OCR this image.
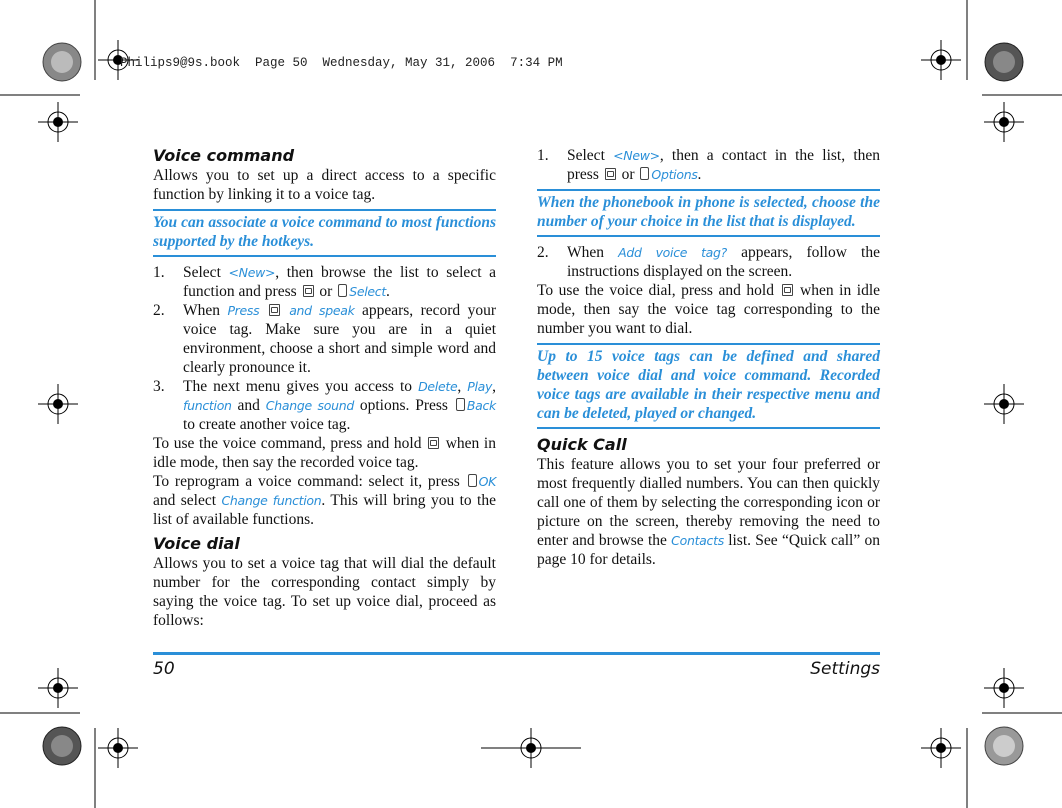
Philips9@9s.book  Page 50  Wednesday, May 31, 2006  7:34 PM
Voice command

Allows you to set up a direct access to a specific function by linking it to a voice tag.

You can associate a voice command to most functions supported by the hotkeys.
1. Select <New>, then browse the list to select a function and press  or Select.
2. When Press and speak appears, record your voice tag. Make sure you are in a quiet environment, choose a short and simple word and clearly pronounce it.
3. The next menu gives you access to Delete, Play, function and Change sound options. Press Back to create another voice tag.

To use the voice command, press and hold  when in idle mode, then say the recorded voice tag.

To reprogram a voice command: select it, press OK and select Change function. This will bring you to the list of available functions.

Voice dial

Allows you to set a voice tag that will dial the default number for the corresponding contact simply by saying the voice tag. To set up voice dial, proceed as follows:

1. Select <New>, then a contact in the list, then press  or Options.
When the phonebook in phone is selected, choose the number of your choice in the list that is displayed.
2. When Add voice tag? appears, follow the instructions displayed on the screen.

To use the voice dial, press and hold  when in idle mode, then say the voice tag corresponding to the number you want to dial.

Up to 15 voice tags can be defined and shared between voice dial and voice command. Recorded voice tags are available in their respective menu and can be deleted, played or changed.
Quick Call

This feature allows you to set your four preferred or most frequently dialled numbers. You can then quickly call one of them by selecting the corresponding icon or picture on the screen, thereby removing the need to enter and browse the Contacts list. See “Quick call” on page 10 for details.

50	Settings
